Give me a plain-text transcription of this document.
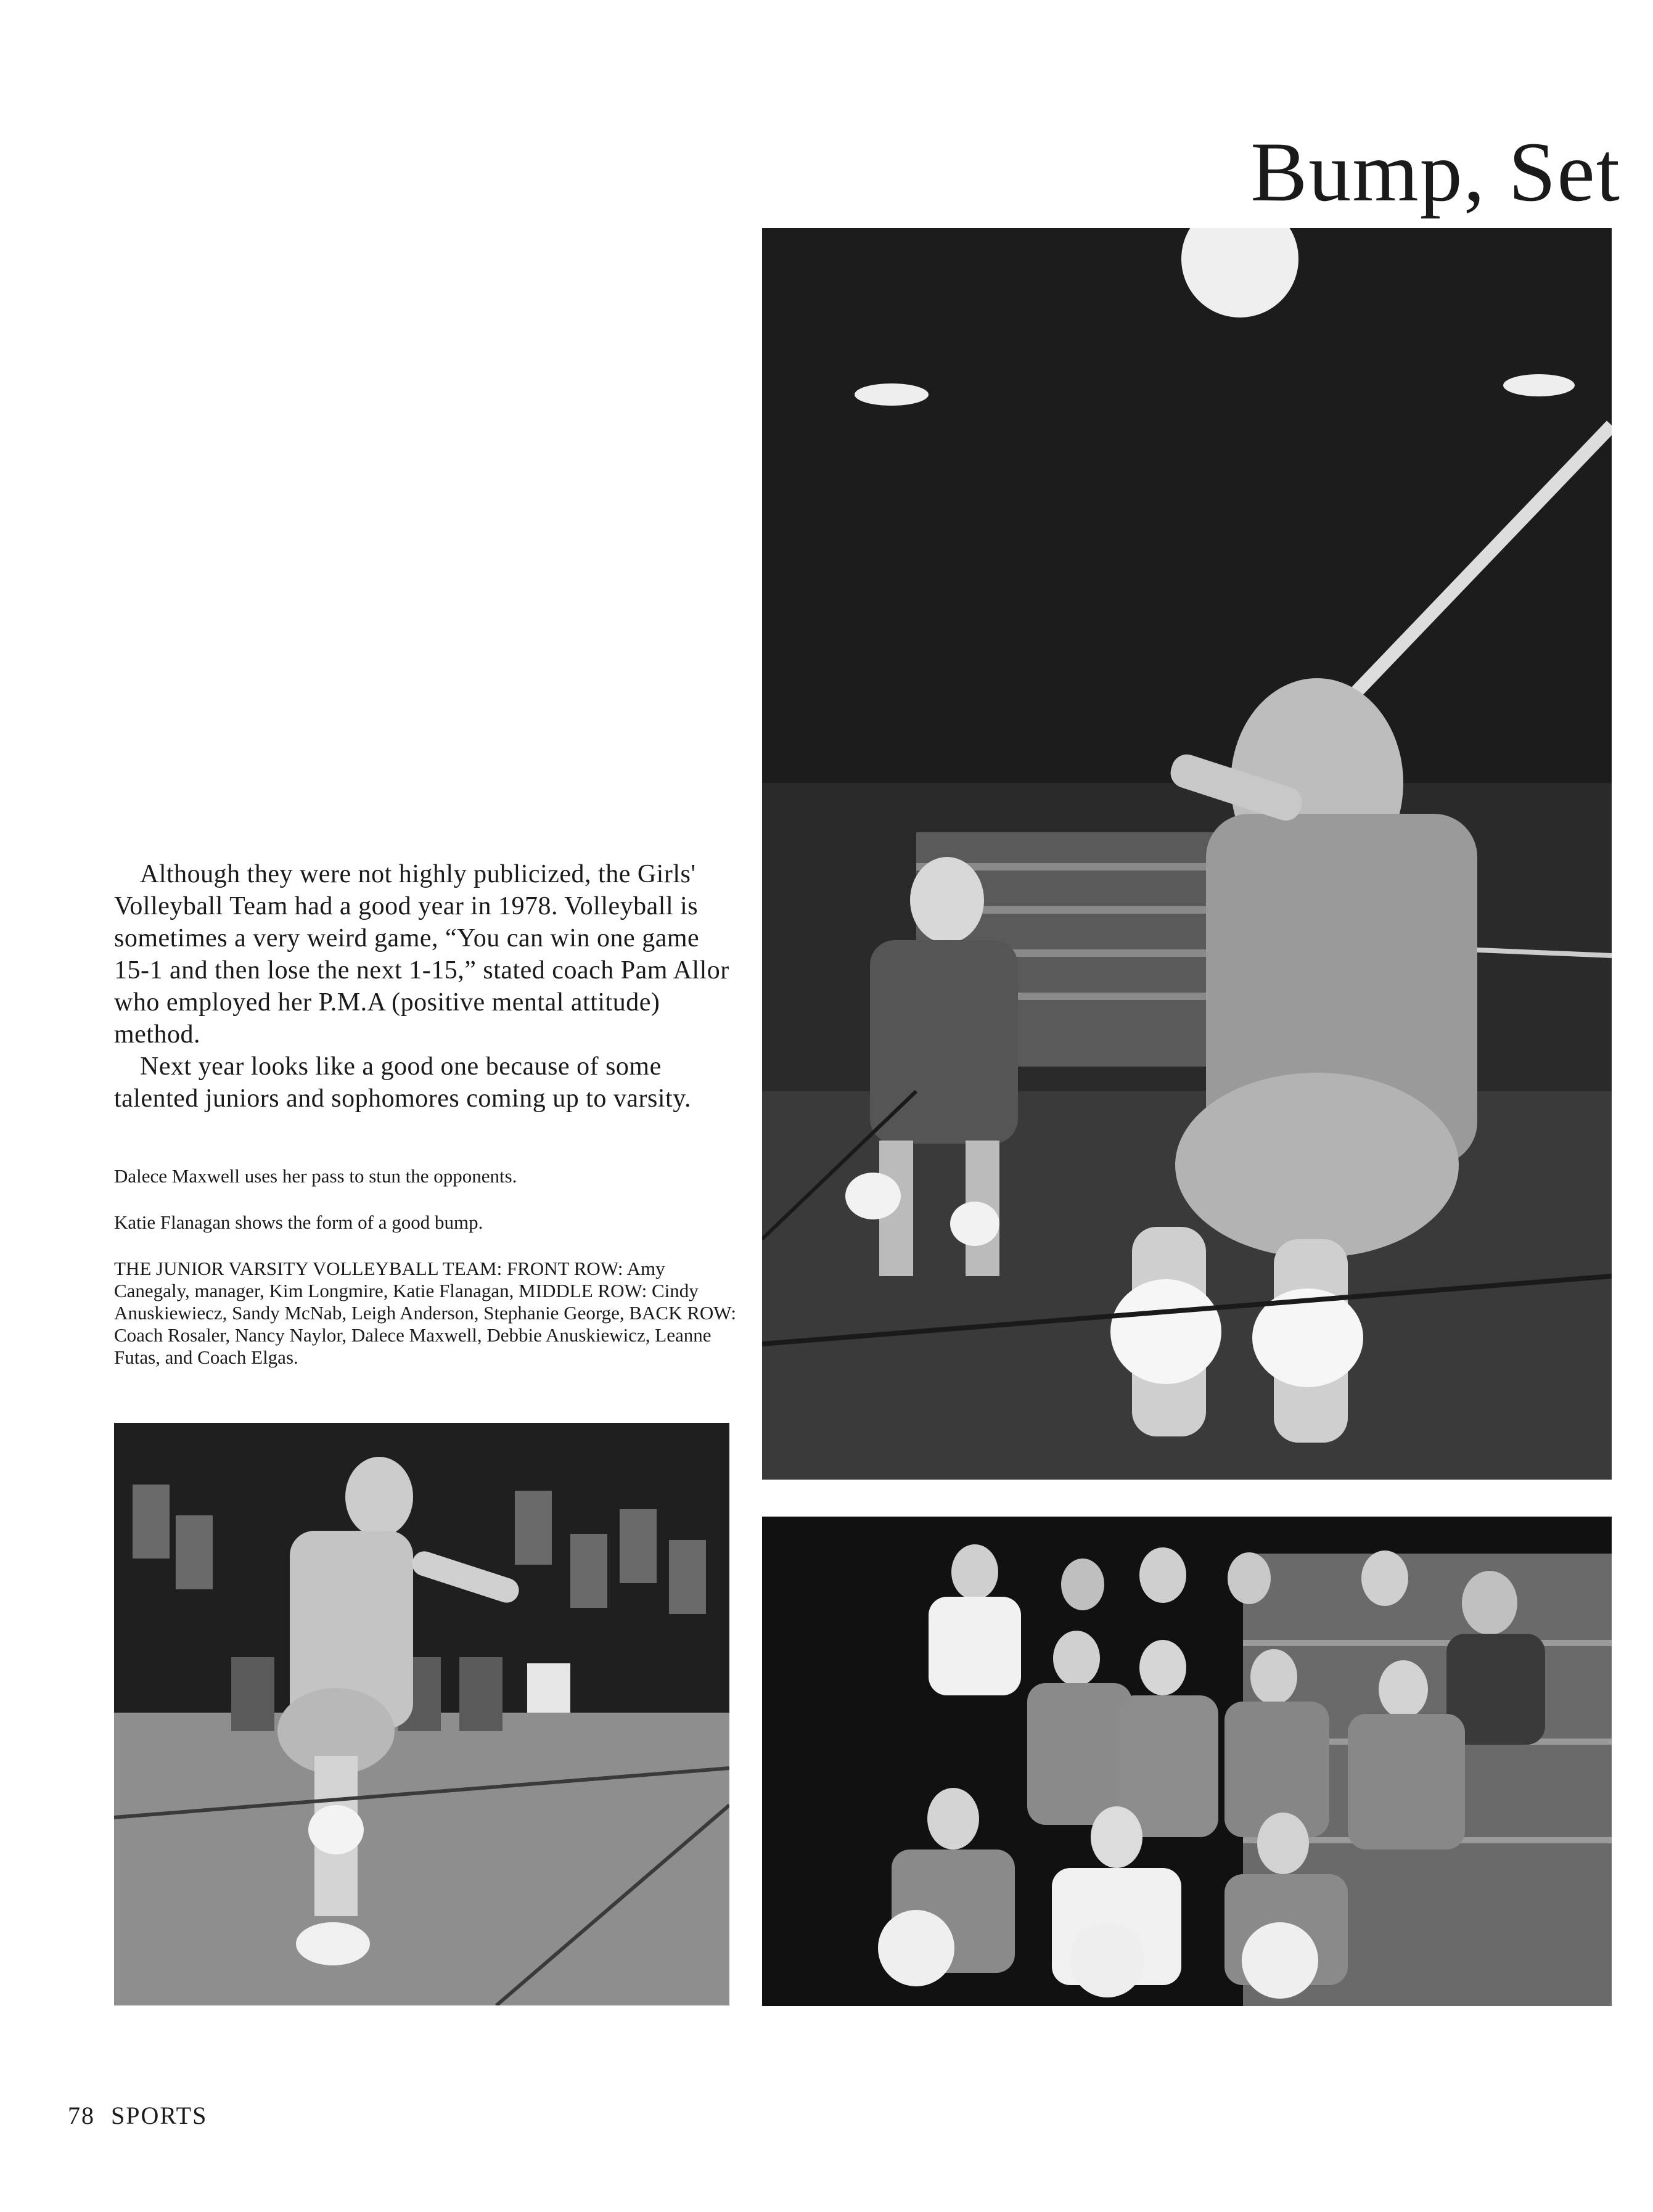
Bump, Set

Although they were not highly publicized, the Girls' Volleyball Team had a good year in 1978. Volleyball is sometimes a very weird game, “You can win one game 15-1 and then lose the next 1-15,” stated coach Pam Allor who employed her P.M.A (positive mental attitude) method.

Next year looks like a good one because of some talented juniors and sophomores coming up to varsity.

Dalece Maxwell uses her pass to stun the opponents.
Katie Flanagan shows the form of a good bump.
THE JUNIOR VARSITY VOLLEYBALL TEAM: FRONT ROW: Amy Canegaly, manager, Kim Longmire, Katie Flanagan, MIDDLE ROW: Cindy Anuskiewiecz, Sandy McNab, Leigh Anderson, Stephanie George, BACK ROW: Coach Rosaler, Nancy Naylor, Dalece Maxwell, Debbie Anuskiewicz, Leanne Futas, and Coach Elgas.
78 SPORTS
